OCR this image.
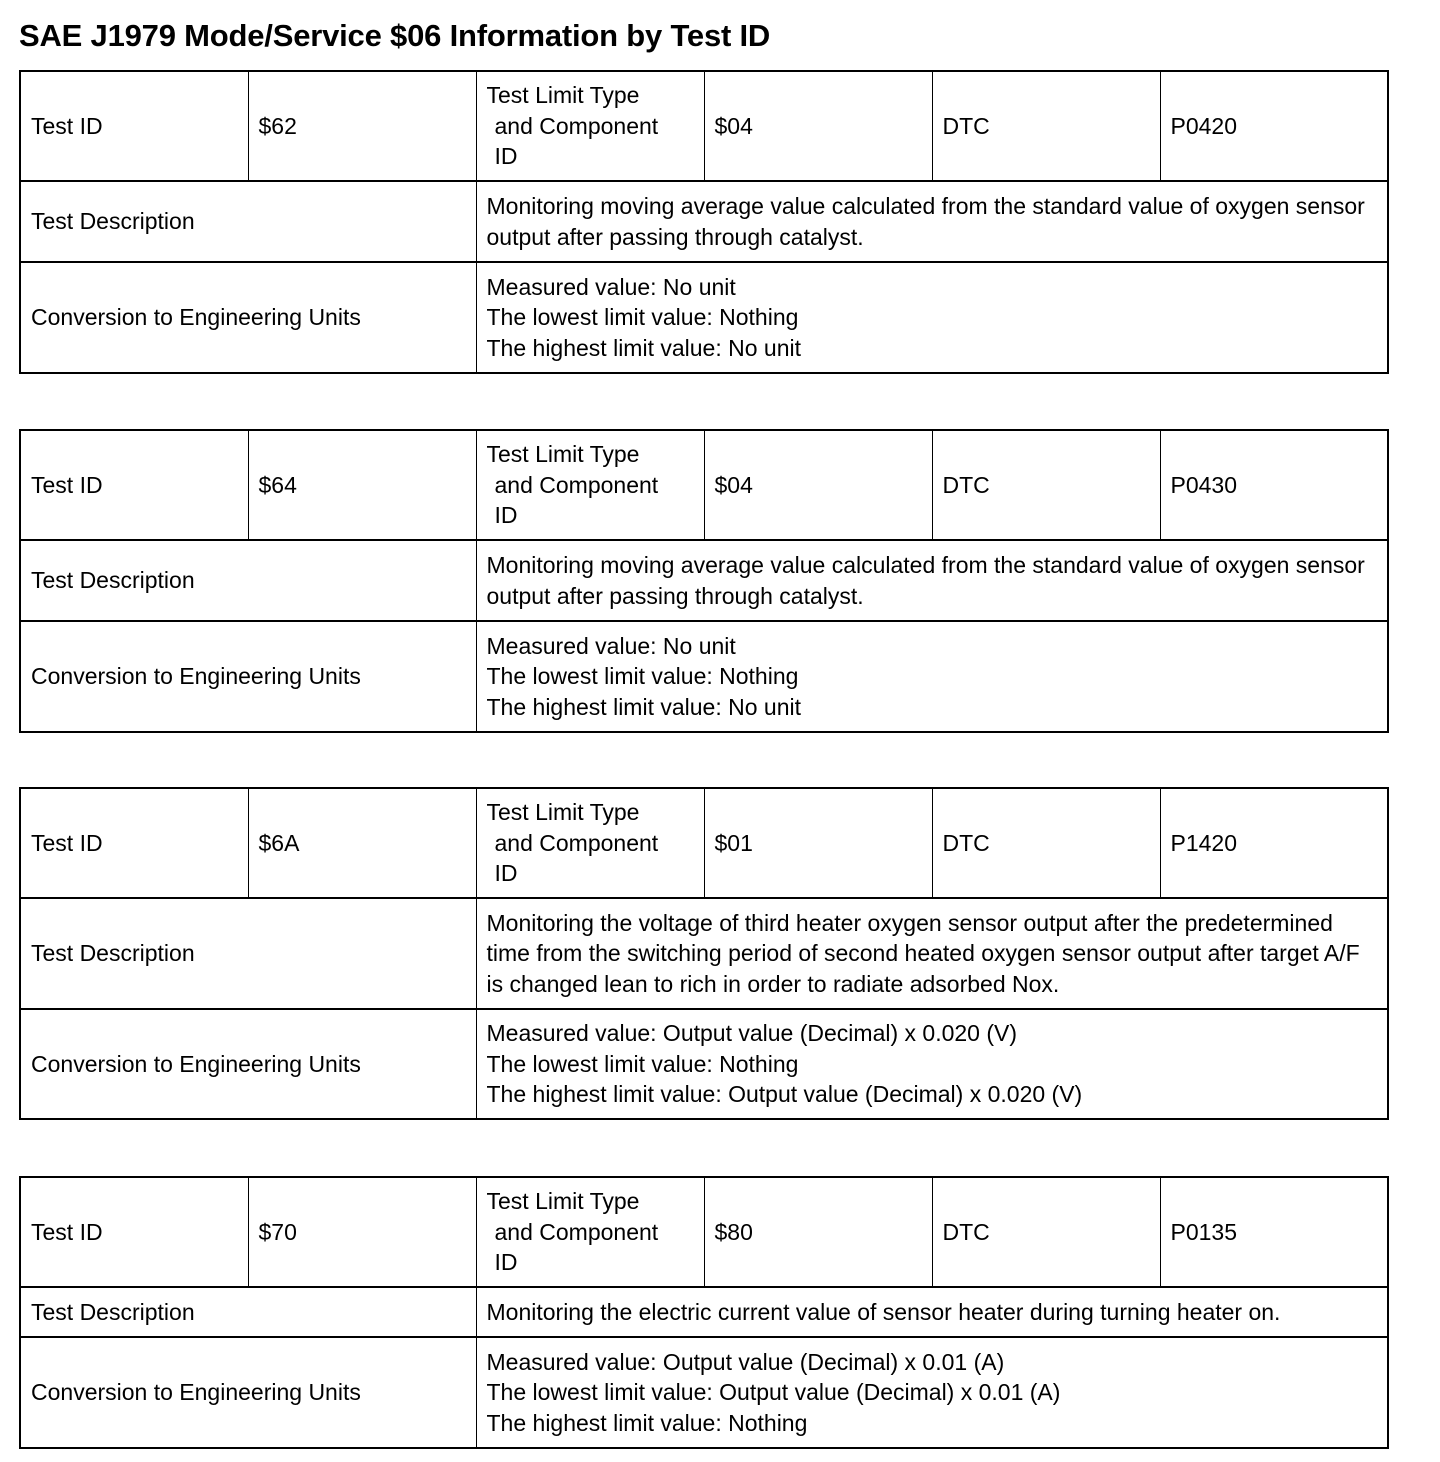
SAE J1979 Mode/Service $06 Information by Test ID
Test ID	$62	Test Limit Type
and Component
ID	$04	DTC	P0420
Test Description		Monitoring moving average value calculated from the standard value of oxygen sensor output after passing through catalyst.			
Conversion to Engineering Units		Measured value: No unit
The lowest limit value: Nothing
The highest limit value: No unit			
Test ID	$64	Test Limit Type
and Component
ID	$04	DTC	P0430
Test Description		Monitoring moving average value calculated from the standard value of oxygen sensor output after passing through catalyst.			
Conversion to Engineering Units		Measured value: No unit
The lowest limit value: Nothing
The highest limit value: No unit			
Test ID	$6A	Test Limit Type
and Component
ID	$01	DTC	P1420
Test Description		Monitoring the voltage of third heater oxygen sensor output after the predetermined time from the switching period of second heated oxygen sensor output after target A/F is changed lean to rich in order to radiate adsorbed Nox.			
Conversion to Engineering Units		Measured value: Output value (Decimal) x 0.020 (V)
The lowest limit value: Nothing
The highest limit value: Output value (Decimal) x 0.020 (V)			
Test ID	$70	Test Limit Type
and Component
ID	$80	DTC	P0135
Test Description		Monitoring the electric current value of sensor heater during turning heater on.			
Conversion to Engineering Units		Measured value: Output value (Decimal) x 0.01 (A)
The lowest limit value: Output value (Decimal) x 0.01 (A)
The highest limit value: Nothing			
